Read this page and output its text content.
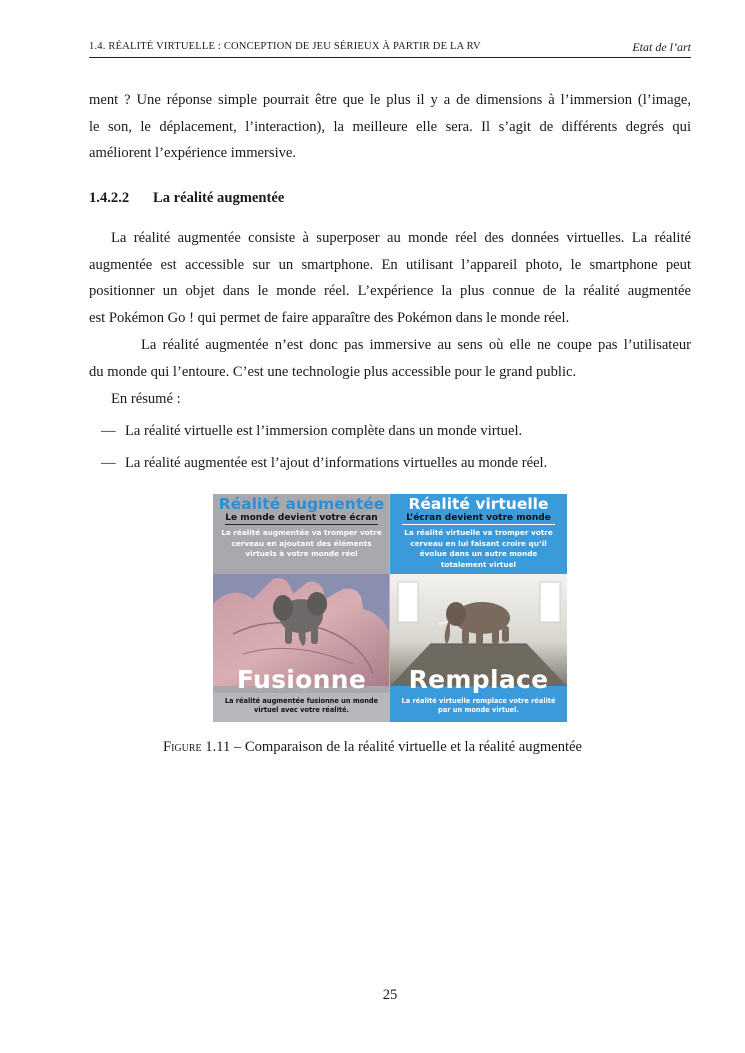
1.4. RÉALITÉ VIRTUELLE : CONCEPTION DE JEU SÉRIEUX À PARTIR DE LA RV	Etat de l’art
ment ? Une réponse simple pourrait être que le plus il y a de dimensions à l’immersion (l’image,
le son, le déplacement, l’interaction), la meilleure elle sera. Il s’agit de différents degrés qui
améliorent l’expérience immersive.
1.4.2.2 La réalité augmentée
La réalité augmentée consiste à superposer au monde réel des données virtuelles. La réalité
augmentée est accessible sur un smartphone. En utilisant l’appareil photo, le smartphone peut
positionner un objet dans le monde réel. L’expérience la plus connue de la réalité augmentée
est Pokémon Go ! qui permet de faire apparaître des Pokémon dans le monde réel.
La réalité augmentée n’est donc pas immersive au sens où elle ne coupe pas l’utilisateur
du monde qui l’entoure. C’est une technologie plus accessible pour le grand public.
En résumé :
— La réalité virtuelle est l’immersion complète dans un monde virtuel.
— La réalité augmentée est l’ajout d’informations virtuelles au monde réel.
Réalité augmentée
Le monde devient votre écran
La réalité augmentée va tromper votre cerveau en ajoutant des éléments virtuels à votre monde réel
Fusionne
La réalité augmentée fusionne un monde virtuel avec votre réalité.
Réalité virtuelle
L’écran devient votre monde
La réalité virtuelle va tromper votre cerveau en lui faisant croire qu’il évolue dans un autre monde totalement virtuel
Remplace
La réalité virtuelle remplace votre réalité par un monde virtuel.
Figure 1.11 – Comparaison de la réalité virtuelle et la réalité augmentée
25
